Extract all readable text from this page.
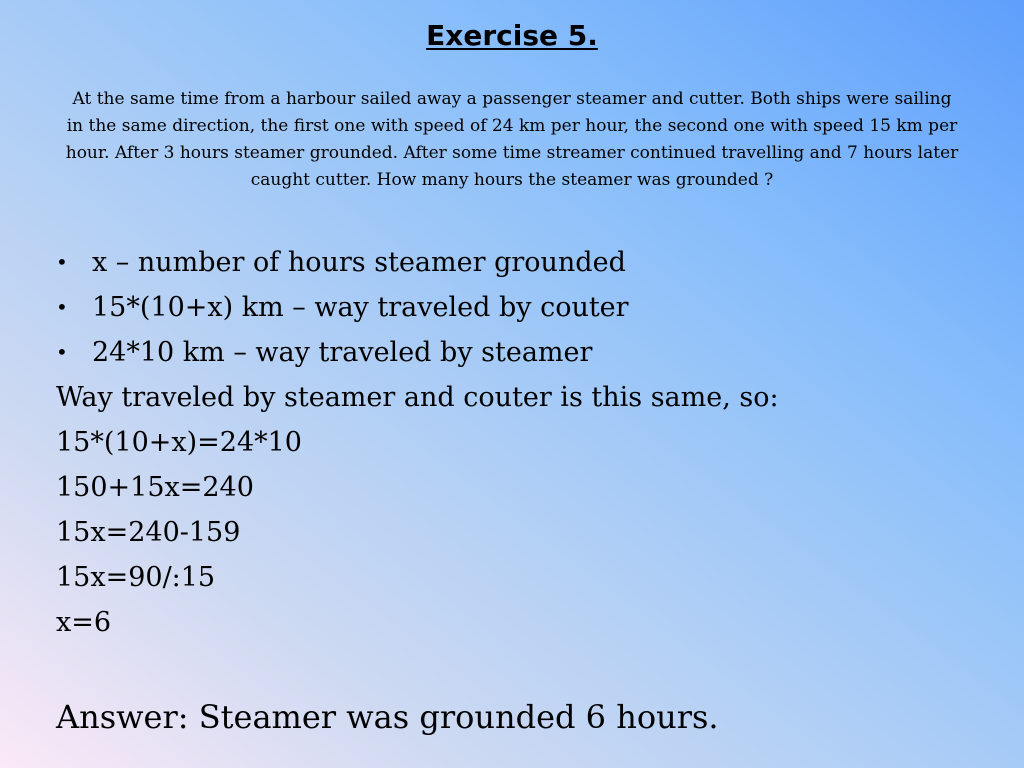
Exercise 5.
At the same time from a harbour sailed away a passenger steamer and cutter. Both ships were sailing in the same direction, the first one with speed of 24 km per hour, the second one with speed 15 km per hour. After 3 hours steamer grounded. After some time streamer continued travelling and 7 hours later caught cutter. How many hours the steamer was grounded ?
• x – number of hours steamer grounded
• 15*(10+x) km – way traveled by couter
• 24*10 km – way traveled by steamer
Way traveled by steamer and couter is this same, so:
15*(10+x)=24*10
150+15x=240
15x=240-159
15x=90/:15
x=6
Answer: Steamer was grounded 6 hours.
